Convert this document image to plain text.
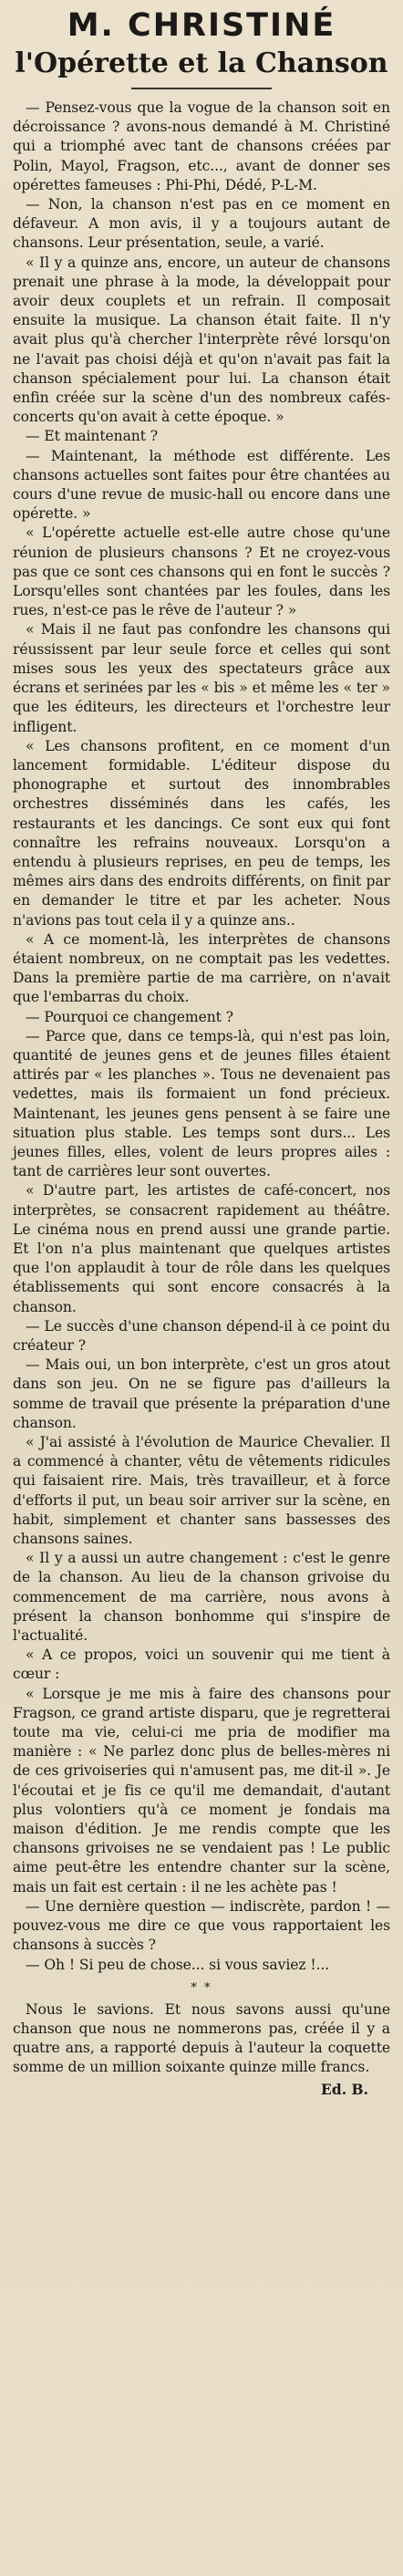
M. CHRISTINÉ
l'Opérette et la Chanson

— Pensez-vous que la vogue de la chanson soit en décroissance ? avons-nous demandé à M. Christiné qui a triomphé avec tant de chansons créées par Polin, Mayol, Fragson, etc..., avant de donner ses opérettes fameuses : Phi-Phi, Dédé, P-L-M.

— Non, la chanson n'est pas en ce moment en défaveur. A mon avis, il y a toujours autant de chansons. Leur présentation, seule, a varié.

« Il y a quinze ans, encore, un auteur de chansons prenait une phrase à la mode, la développait pour avoir deux couplets et un refrain. Il composait ensuite la musique. La chanson était faite. Il n'y avait plus qu'à chercher l'interprète rêvé lorsqu'on ne l'avait pas choisi déjà et qu'on n'avait pas fait la chanson spécialement pour lui. La chanson était enfin créée sur la scène d'un des nombreux cafés-concerts qu'on avait à cette époque. »

— Et maintenant ?

— Maintenant, la méthode est différente. Les chansons actuelles sont faites pour être chantées au cours d'une revue de music-hall ou encore dans une opérette. »

« L'opérette actuelle est-elle autre chose qu'une réunion de plusieurs chansons ? Et ne croyez-vous pas que ce sont ces chansons qui en font le succès ? Lorsqu'elles sont chantées par les foules, dans les rues, n'est-ce pas le rêve de l'auteur ? »

« Mais il ne faut pas confondre les chansons qui réussissent par leur seule force et celles qui sont mises sous les yeux des spectateurs grâce aux écrans et serinées par les « bis » et même les « ter » que les éditeurs, les directeurs et l'orchestre leur infligent.

« Les chansons profitent, en ce moment d'un lancement formidable. L'éditeur dispose du phonographe et surtout des innombrables orchestres disséminés dans les cafés, les restaurants et les dancings. Ce sont eux qui font connaître les refrains nouveaux. Lorsqu'on a entendu à plusieurs reprises, en peu de temps, les mêmes airs dans des endroits différents, on finit par en demander le titre et par les acheter. Nous n'avions pas tout cela il y a quinze ans..

« A ce moment-là, les interprètes de chansons étaient nombreux, on ne comptait pas les vedettes. Dans la première partie de ma carrière, on n'avait que l'embarras du choix.

— Pourquoi ce changement ?

— Parce que, dans ce temps-là, qui n'est pas loin, quantité de jeunes gens et de jeunes filles étaient attirés par « les planches ». Tous ne devenaient pas vedettes, mais ils formaient un fond précieux. Maintenant, les jeunes gens pensent à se faire une situation plus stable. Les temps sont durs... Les jeunes filles, elles, volent de leurs propres ailes : tant de carrières leur sont ouvertes.

« D'autre part, les artistes de café-concert, nos interprètes, se consacrent rapidement au théâtre. Le cinéma nous en prend aussi une grande partie. Et l'on n'a plus maintenant que quelques artistes que l'on applaudit à tour de rôle dans les quelques établissements qui sont encore consacrés à la chanson.

— Le succès d'une chanson dépend-il à ce point du créateur ?

— Mais oui, un bon interprète, c'est un gros atout dans son jeu. On ne se figure pas d'ailleurs la somme de travail que présente la préparation d'une chanson.

« J'ai assisté à l'évolution de Maurice Chevalier. Il a commencé à chanter, vêtu de vêtements ridicules qui faisaient rire. Mais, très travailleur, et à force d'efforts il put, un beau soir arriver sur la scène, en habit, simplement et chanter sans bassesses des chansons saines.

« Il y a aussi un autre changement : c'est le genre de la chanson. Au lieu de la chanson grivoise du commencement de ma carrière, nous avons à présent la chanson bonhomme qui s'inspire de l'actualité.

« A ce propos, voici un souvenir qui me tient à cœur :

« Lorsque je me mis à faire des chansons pour Fragson, ce grand artiste disparu, que je regretterai toute ma vie, celui-ci me pria de modifier ma manière : « Ne parlez donc plus de belles-mères ni de ces grivoiseries qui n'amusent pas, me dit-il ». Je l'écoutai et je fis ce qu'il me demandait, d'autant plus volontiers qu'à ce moment je fondais ma maison d'édition. Je me rendis compte que les chansons grivoises ne se vendaient pas ! Le public aime peut-être les entendre chanter sur la scène, mais un fait est certain : il ne les achète pas !

— Une dernière question — indiscrète, pardon ! — pouvez-vous me dire ce que vous rapportaient les chansons à succès ?

— Oh ! Si peu de chose... si vous saviez !...

* *

Nous le savions. Et nous savons aussi qu'une chanson que nous ne nommerons pas, créée il y a quatre ans, a rapporté depuis à l'auteur la coquette somme de un million soixante quinze mille francs.

Ed. B.
